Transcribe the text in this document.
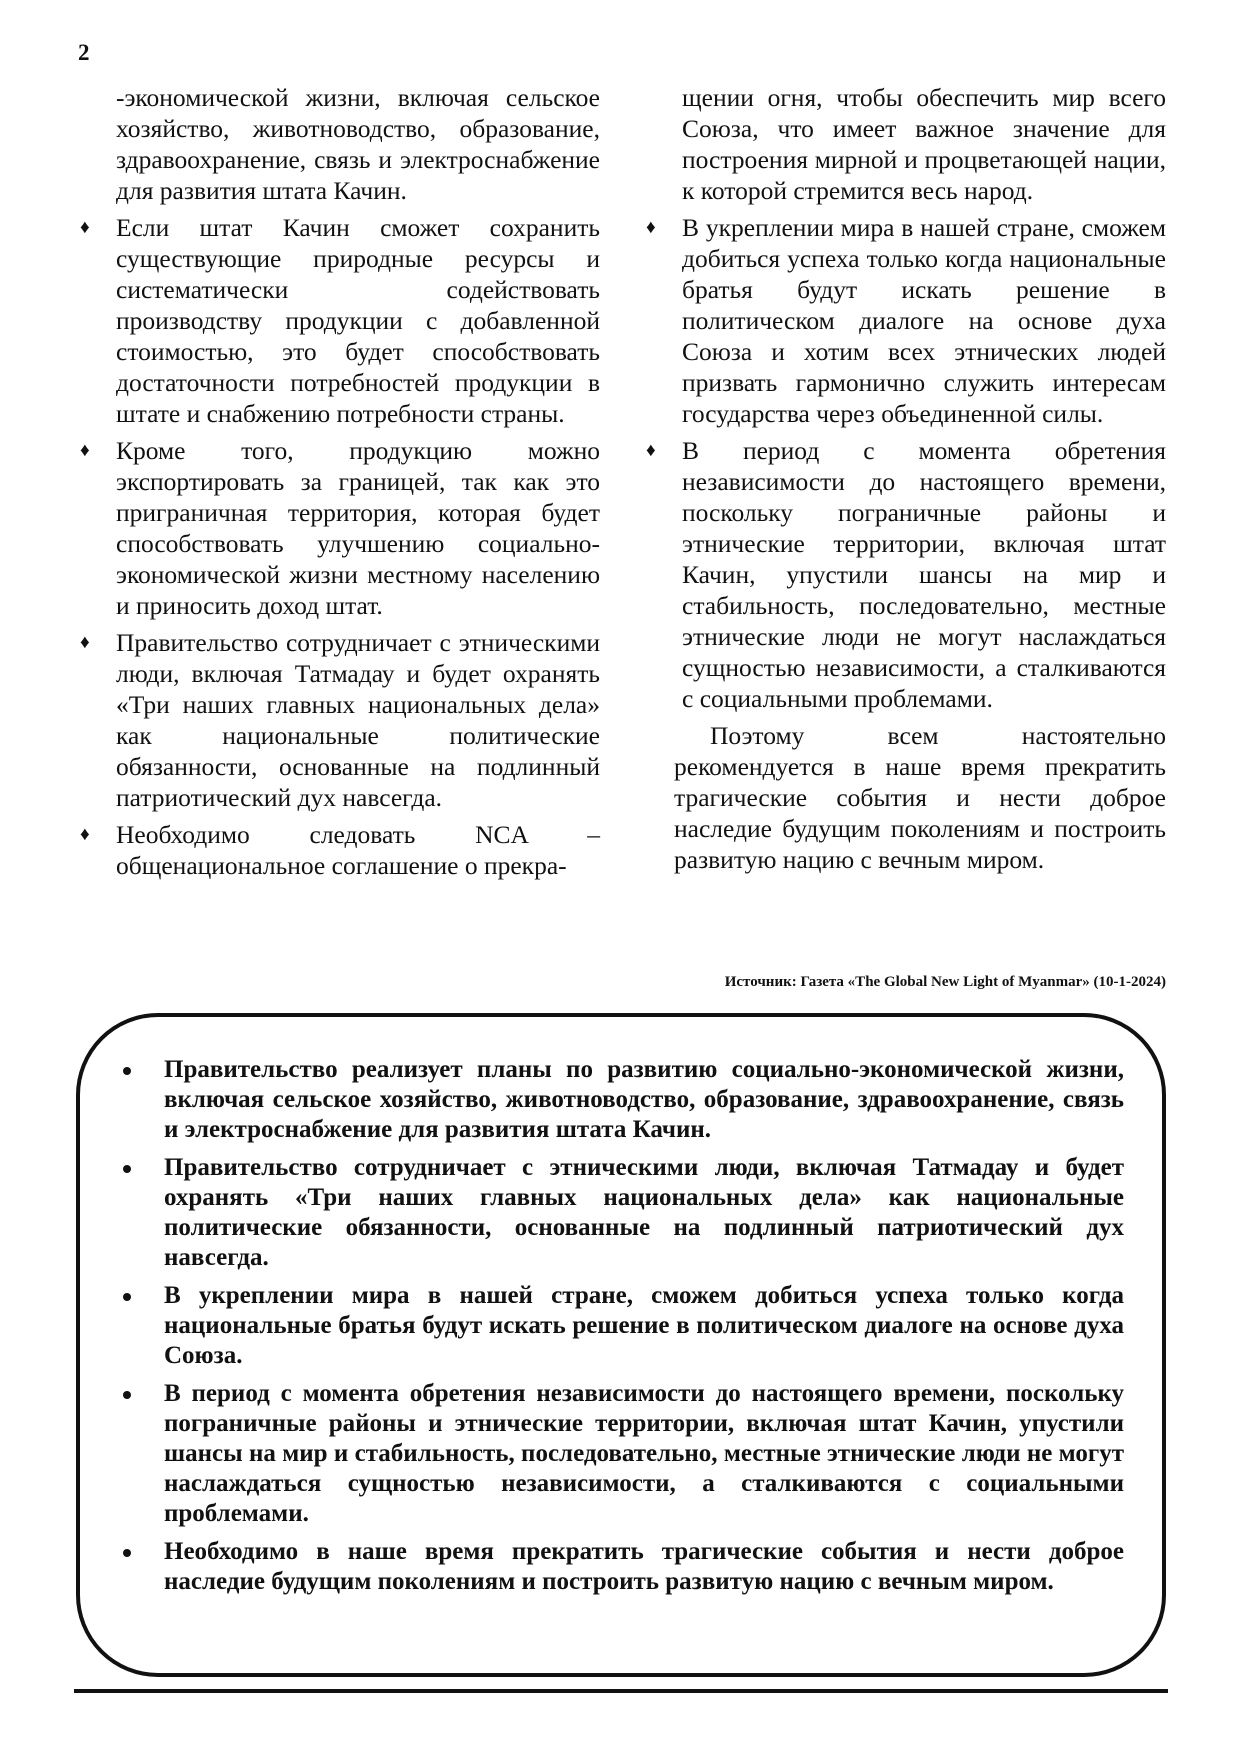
2

-экономической жизни, включая сельское хозяйство, животноводство, образование, здравоохранение, связь и электроснабжение для развития штата Качин.

♦ Если штат Качин сможет сохранить существующие природные ресурсы и систематически содействовать производству продукции с добавленной стоимостью, это будет способствовать достаточности потребностей продукции в штате и снабжению потребности страны.
♦ Кроме того, продукцию можно экспортировать за границей, так как это приграничная территория, которая будет способствовать улучшению социально-экономической жизни местному населению и приносить доход штат.
♦ Правительство сотрудничает с этническими люди, включая Татмадау и будет охранять «Три наших главных национальных дела» как национальные политические обязанности, основанные на подлинный патриотический дух навсегда.
♦ Необходимо следовать NCA – общенациональное соглашение о прекра-

щении огня, чтобы обеспечить мир всего Союза, что имеет важное значение для построения мирной и процветающей нации, к которой стремится весь народ.

♦ В укреплении мира в нашей стране, сможем добиться успеха только когда национальные братья будут искать решение в политическом диалоге на основе духа Союза и хотим всех этнических людей призвать гармонично служить интересам государства через объединенной силы.
♦ В период с момента обретения независимости до настоящего времени, поскольку пограничные районы и этнические территории, включая штат Качин, упустили шансы на мир и стабильность, последовательно, местные этнические люди не могут наслаждаться сущностью независимости, а сталкиваются с социальными проблемами.

Поэтому всем настоятельно рекомендуется в наше время прекратить трагические события и нести доброе наследие будущим поколениям и построить развитую нацию с вечным миром.

Источник: Газета «The Global New Light of Myanmar» (10-1-2024)
Правительство реализует планы по развитию социально-экономической жизни, включая сельское хозяйство, животноводство, образование, здравоохранение, связь и электроснабжение для развития штата Качин.
Правительство сотрудничает с этническими люди, включая Татмадау и будет охранять «Три наших главных национальных дела» как национальные политические обязанности, основанные на подлинный патриотический дух навсегда.
В укреплении мира в нашей стране, сможем добиться успеха только когда национальные братья будут искать решение в политическом диалоге на основе духа Союза.
В период с момента обретения независимости до настоящего времени, поскольку пограничные районы и этнические территории, включая штат Качин, упустили шансы на мир и стабильность, последовательно, местные этнические люди не могут наслаждаться сущностью независимости, а сталкиваются с социальными проблемами.
Необходимо в наше время прекратить трагические события и нести доброе наследие будущим поколениям и построить развитую нацию с вечным миром.
